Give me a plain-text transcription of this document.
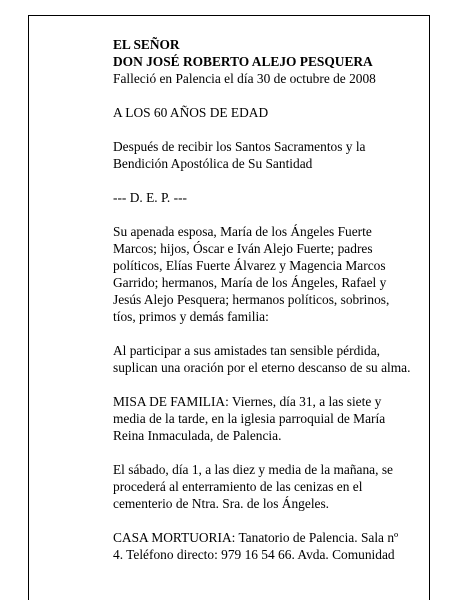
EL SEÑOR
DON JOSÉ ROBERTO ALEJO PESQUERA
Falleció en Palencia el día 30 de octubre de 2008
A LOS 60 AÑOS DE EDAD
Después de recibir los Santos Sacramentos y la
Bendición Apostólica de Su Santidad
--- D. E. P. ---
Su apenada esposa, María de los Ángeles Fuerte
Marcos; hijos, Óscar e Iván Alejo Fuerte; padres
políticos, Elías Fuerte Álvarez y Magencia Marcos
Garrido; hermanos, María de los Ángeles, Rafael y
Jesús Alejo Pesquera; hermanos políticos, sobrinos,
tíos, primos y demás familia:
Al participar a sus amistades tan sensible pérdida,
suplican una oración por el eterno descanso de su alma.
MISA DE FAMILIA: Viernes, día 31, a las siete y
media de la tarde, en la iglesia parroquial de María
Reina Inmaculada, de Palencia.
El sábado, día 1, a las diez y media de la mañana, se
procederá al enterramiento de las cenizas en el
cementerio de Ntra. Sra. de los Ángeles.
CASA MORTUORIA: Tanatorio de Palencia. Sala nº
4. Teléfono directo: 979 16 54 66. Avda. Comunidad
